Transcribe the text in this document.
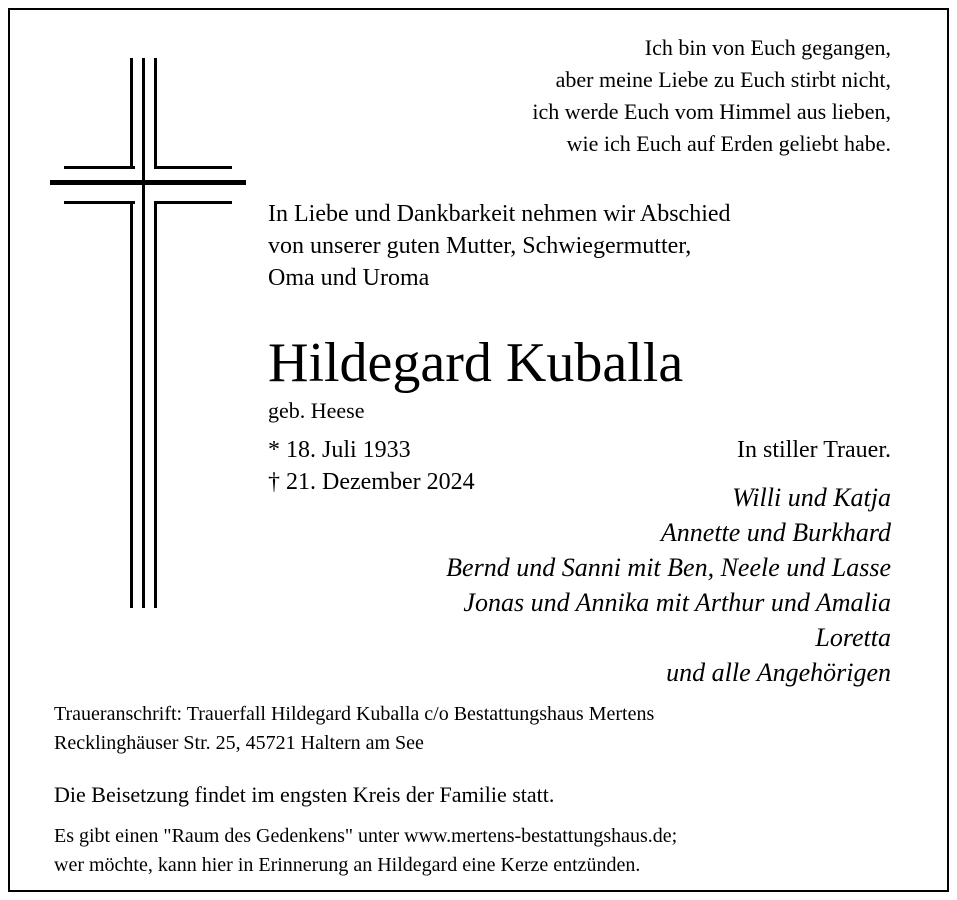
Ich bin von Euch gegangen,
aber meine Liebe zu Euch stirbt nicht,
ich werde Euch vom Himmel aus lieben,
wie ich Euch auf Erden geliebt habe.
In Liebe und Dankbarkeit nehmen wir Abschied
von unserer guten Mutter, Schwiegermutter,
Oma und Uroma
Hildegard Kuballa
geb. Heese
* 18. Juli 1933
† 21. Dezember 2024
In stiller Trauer.
Willi und Katja
Annette und Burkhard
Bernd und Sanni mit Ben, Neele und Lasse
Jonas und Annika mit Arthur und Amalia
Loretta
und alle Angehörigen
Traueranschrift: Trauerfall Hildegard Kuballa c/o Bestattungshaus Mertens
Recklinghäuser Str. 25, 45721 Haltern am See
Die Beisetzung findet im engsten Kreis der Familie statt.
Es gibt einen "Raum des Gedenkens" unter www.mertens-bestattungshaus.de;
wer möchte, kann hier in Erinnerung an Hildegard eine Kerze entzünden.
